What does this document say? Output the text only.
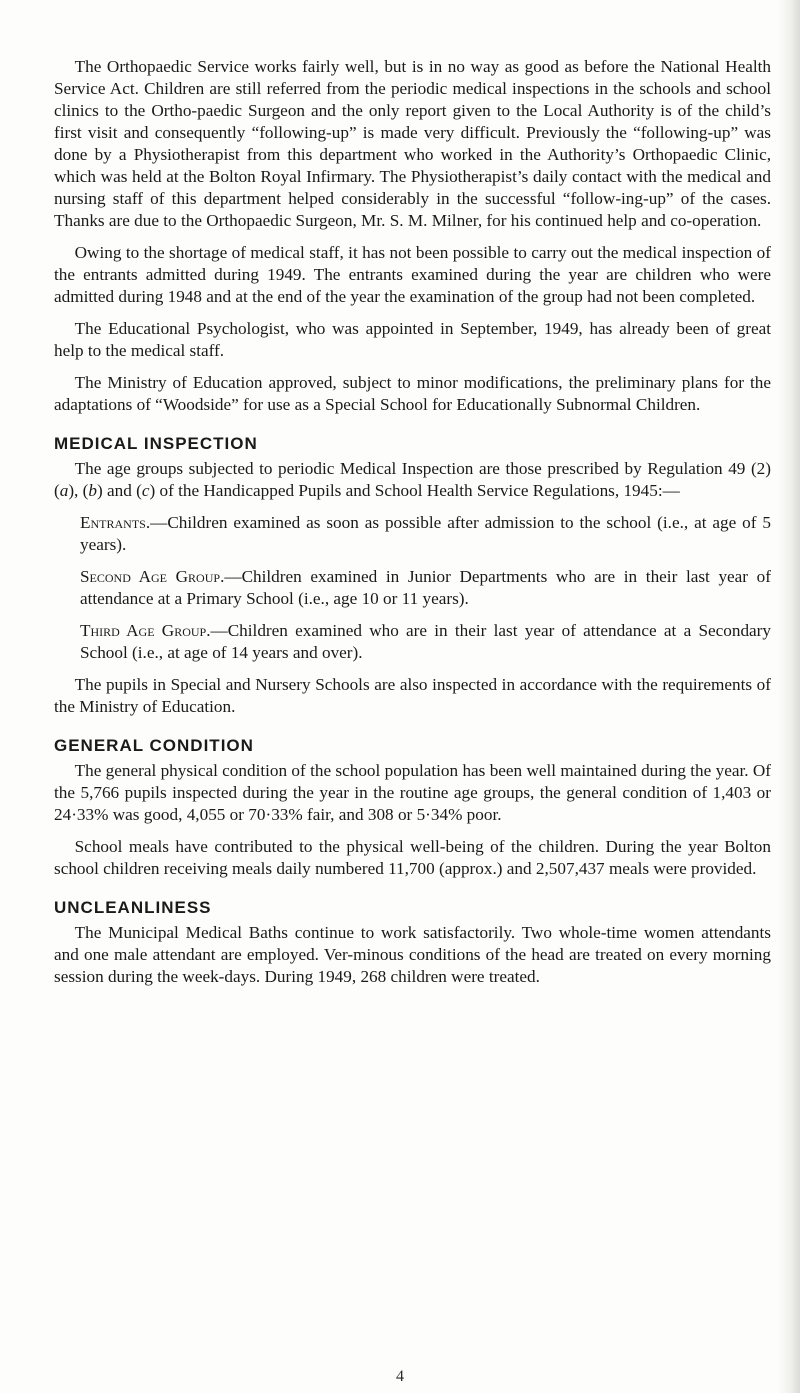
The Orthopaedic Service works fairly well, but is in no way as good as before the National Health Service Act. Children are still referred from the periodic medical inspections in the schools and school clinics to the Ortho-paedic Surgeon and the only report given to the Local Authority is of the child’s first visit and consequently “following-up” is made very difficult. Previously the “following-up” was done by a Physiotherapist from this department who worked in the Authority’s Orthopaedic Clinic, which was held at the Bolton Royal Infirmary. The Physiotherapist’s daily contact with the medical and nursing staff of this department helped considerably in the successful “follow-ing-up” of the cases. Thanks are due to the Orthopaedic Surgeon, Mr. S. M. Milner, for his continued help and co-operation.

Owing to the shortage of medical staff, it has not been possible to carry out the medical inspection of the entrants admitted during 1949. The entrants examined during the year are children who were admitted during 1948 and at the end of the year the examination of the group had not been completed.

The Educational Psychologist, who was appointed in September, 1949, has already been of great help to the medical staff.

The Ministry of Education approved, subject to minor modifications, the preliminary plans for the adaptations of “Woodside” for use as a Special School for Educationally Subnormal Children.

MEDICAL INSPECTION

The age groups subjected to periodic Medical Inspection are those prescribed by Regulation 49 (2) (a), (b) and (c) of the Handicapped Pupils and School Health Service Regulations, 1945:—

Entrants.—Children examined as soon as possible after admission to the school (i.e., at age of 5 years).
Second Age Group.—Children examined in Junior Departments who are in their last year of attendance at a Primary School (i.e., age 10 or 11 years).
Third Age Group.—Children examined who are in their last year of attendance at a Secondary School (i.e., at age of 14 years and over).

The pupils in Special and Nursery Schools are also inspected in accordance with the requirements of the Ministry of Education.

GENERAL CONDITION

The general physical condition of the school population has been well maintained during the year. Of the 5,766 pupils inspected during the year in the routine age groups, the general condition of 1,403 or 24·33% was good, 4,055 or 70·33% fair, and 308 or 5·34% poor.

School meals have contributed to the physical well-being of the children. During the year Bolton school children receiving meals daily numbered 11,700 (approx.) and 2,507,437 meals were provided.

UNCLEANLINESS

The Municipal Medical Baths continue to work satisfactorily. Two whole-time women attendants and one male attendant are employed. Ver-minous conditions of the head are treated on every morning session during the week-days. During 1949, 268 children were treated.

4
